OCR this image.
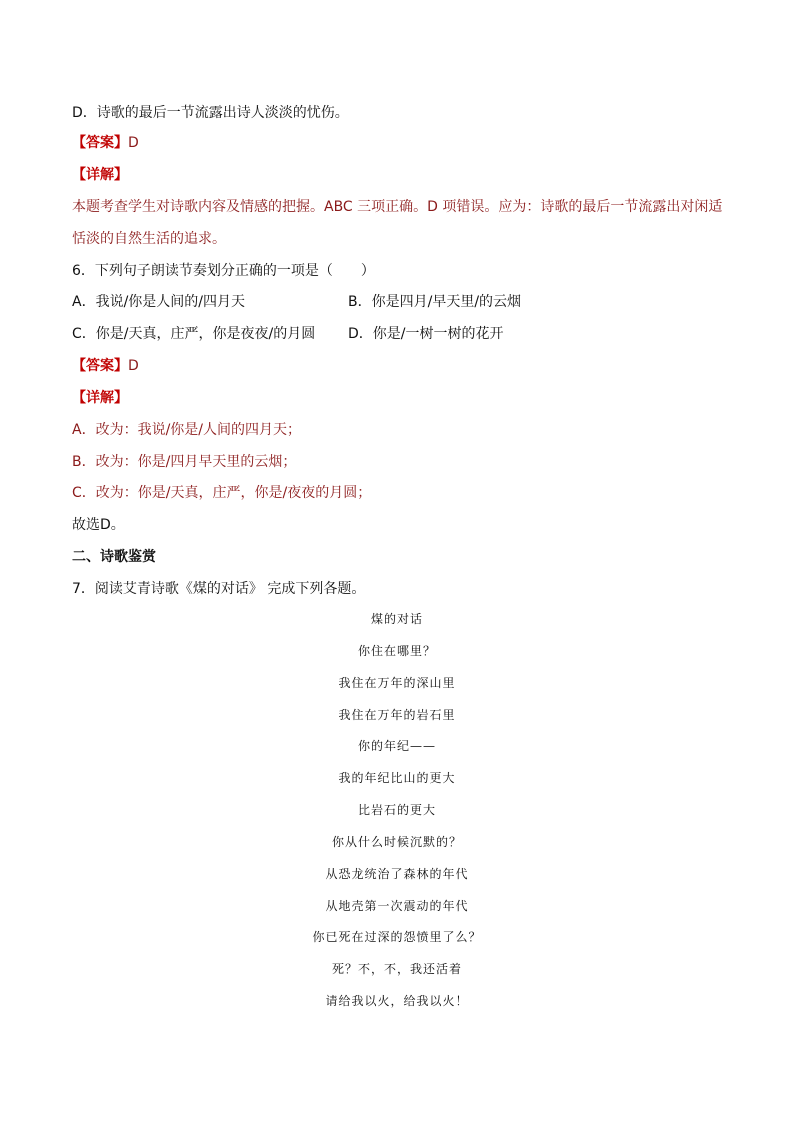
D．诗歌的最后一节流露出诗人淡淡的忧伤。
【答案】D
【详解】
本题考查学生对诗歌内容及情感的把握。ABC 三项正确。D 项错误。应为：诗歌的最后一节流露出对闲适
恬淡的自然生活的追求。
6．下列句子朗读节奏划分正确的一项是（　　）
A．我说/你是人间的/四月天	B．你是四月/早天里/的云烟
C．你是/天真，庄严，你是夜夜/的月圆 D．你是/一树一树的花开
【答案】D
【详解】
A．改为：我说/你是/人间的四月天；
B．改为：你是/四月早天里的云烟；
C．改为：你是/天真，庄严，你是/夜夜的月圆；
故选D。
二、诗歌鉴赏
7．阅读艾青诗歌《煤的对话》 完成下列各题。
煤的对话
你住在哪里？
我住在万年的深山里
我住在万年的岩石里
你的年纪——
我的年纪比山的更大
比岩石的更大
你从什么时候沉默的？
从恐龙统治了森林的年代
从地壳第一次震动的年代
你已死在过深的怨愤里了么？
死？不，不，我还活着
请给我以火，给我以火！
